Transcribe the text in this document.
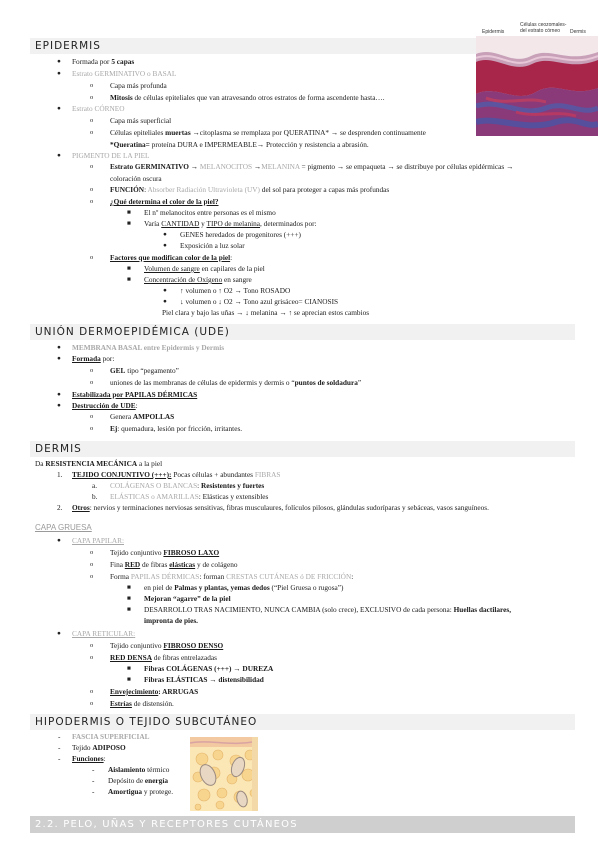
EPIDERMIS
Células ceozomales-
del estrato córneo
Epidermis	Dermis
● Formada por 5 capas
● Estrato GERMINATIVO o BASAL
o Capa más profunda
o Mitosis de células epiteliales que van atravesando otros estratos de forma ascendente hasta….
● Estrato CÓRNEO
o Capa más superficial
o Células epiteliales muertas →citoplasma se rremplaza por QUERATINA* → se desprenden continuamente
*Queratina= proteína DURA e IMPERMEABLE→ Protección y resistencia a abrasión.
● PIGMENTO DE LA PIEL
o Estrato GERMINATIVO → MELANOCITOS →MELANINA = pigmento → se empaqueta → se distribuye por células epidérmicas →
coloración oscura
o FUNCIÓN: Absorber Radiación Ultravioleta (UV) del sol para proteger a capas más profundas
o ¿Qué determina el color de la piel?
■ El nº melanocitos entre personas es el mismo
■ Varía CANTIDAD y TIPO de melanina, determinados por:
● GENES heredados de progenitores (+++)
● Exposición a luz solar
o Factores que modifican color de la piel:
■ Volumen de sangre en capilares de la piel
■ Concentración de Oxígeno en sangre
● ↑ volumen o ↑ O2 → Tono ROSADO
● ↓ volumen o ↓ O2 → Tono azul grisáceo= CIANOSIS
Piel clara y bajo las uñas → ↓ melanina → ↑ se aprecian estos cambios
UNIÓN DERMOEPIDÉMICA (UDE)
● MEMBRANA BASAL entre Epidermis y Dermis
● Formada por:
o GEL tipo “pegamento”
o uniones de las membranas de células de epidermis y dermis o “puntos de soldadura”
● Estabilizada por PAPILAS DÉRMICAS
● Destrucción de UDE:
o Genera AMPOLLAS
o Ej: quemadura, lesión por fricción, irritantes.
DERMIS
Da RESISTENCIA MECÁNICA a la piel
1. TEJIDO CONJUNTIVO (+++): Pocas células + abundantes FIBRAS
a. COLÁGENAS O BLANCAS: Resistentes y fuertes
b. ELÁSTICAS o AMARILLAS: Elásticas y extensibles
2. Otros: nervios y terminaciones nerviosas sensitivas, fibras musculaures, folículos pilosos, glándulas sudoríparas y sebáceas, vasos sanguíneos.
CAPA GRUESA
● CAPA PAPILAR:
o Tejido conjuntivo FIBROSO LAXO
o Fina RED de fibras elásticas y de colágeno
o Forma PAPILAS DÉRMICAS: forman CRESTAS CUTÁNEAS ó DE FRICCIÓN:
■ en piel de Palmas y plantas, yemas dedos (“Piel Gruesa o rugosa”)
■ Mejoran “agarre” de la piel
■ DESARROLLO TRAS NACIMIENTO, NUNCA CAMBIA (solo crece), EXCLUSIVO de cada persona: Huellas dactilares,
impronta de pies.
● CAPA RETICULAR:
o Tejido conjuntivo FIBROSO DENSO
o RED DENSA de fibras entrelazadas
■ Fibras COLÁGENAS (+++) → DUREZA
■ Fibras ELÁSTICAS → distensibilidad
o Envejecimiento: ARRUGAS
o Estrías de distensión.
HIPODERMIS O TEJIDO SUBCUTÁNEO
- FASCIA SUPERFICIAL
- Tejido ADIPOSO
- Funciones:
- Aislamiento térmico
- Depósito de energía
- Amortigua y protege.
2.2. PELO, UÑAS Y RECEPTORES CUTÁNEOS
